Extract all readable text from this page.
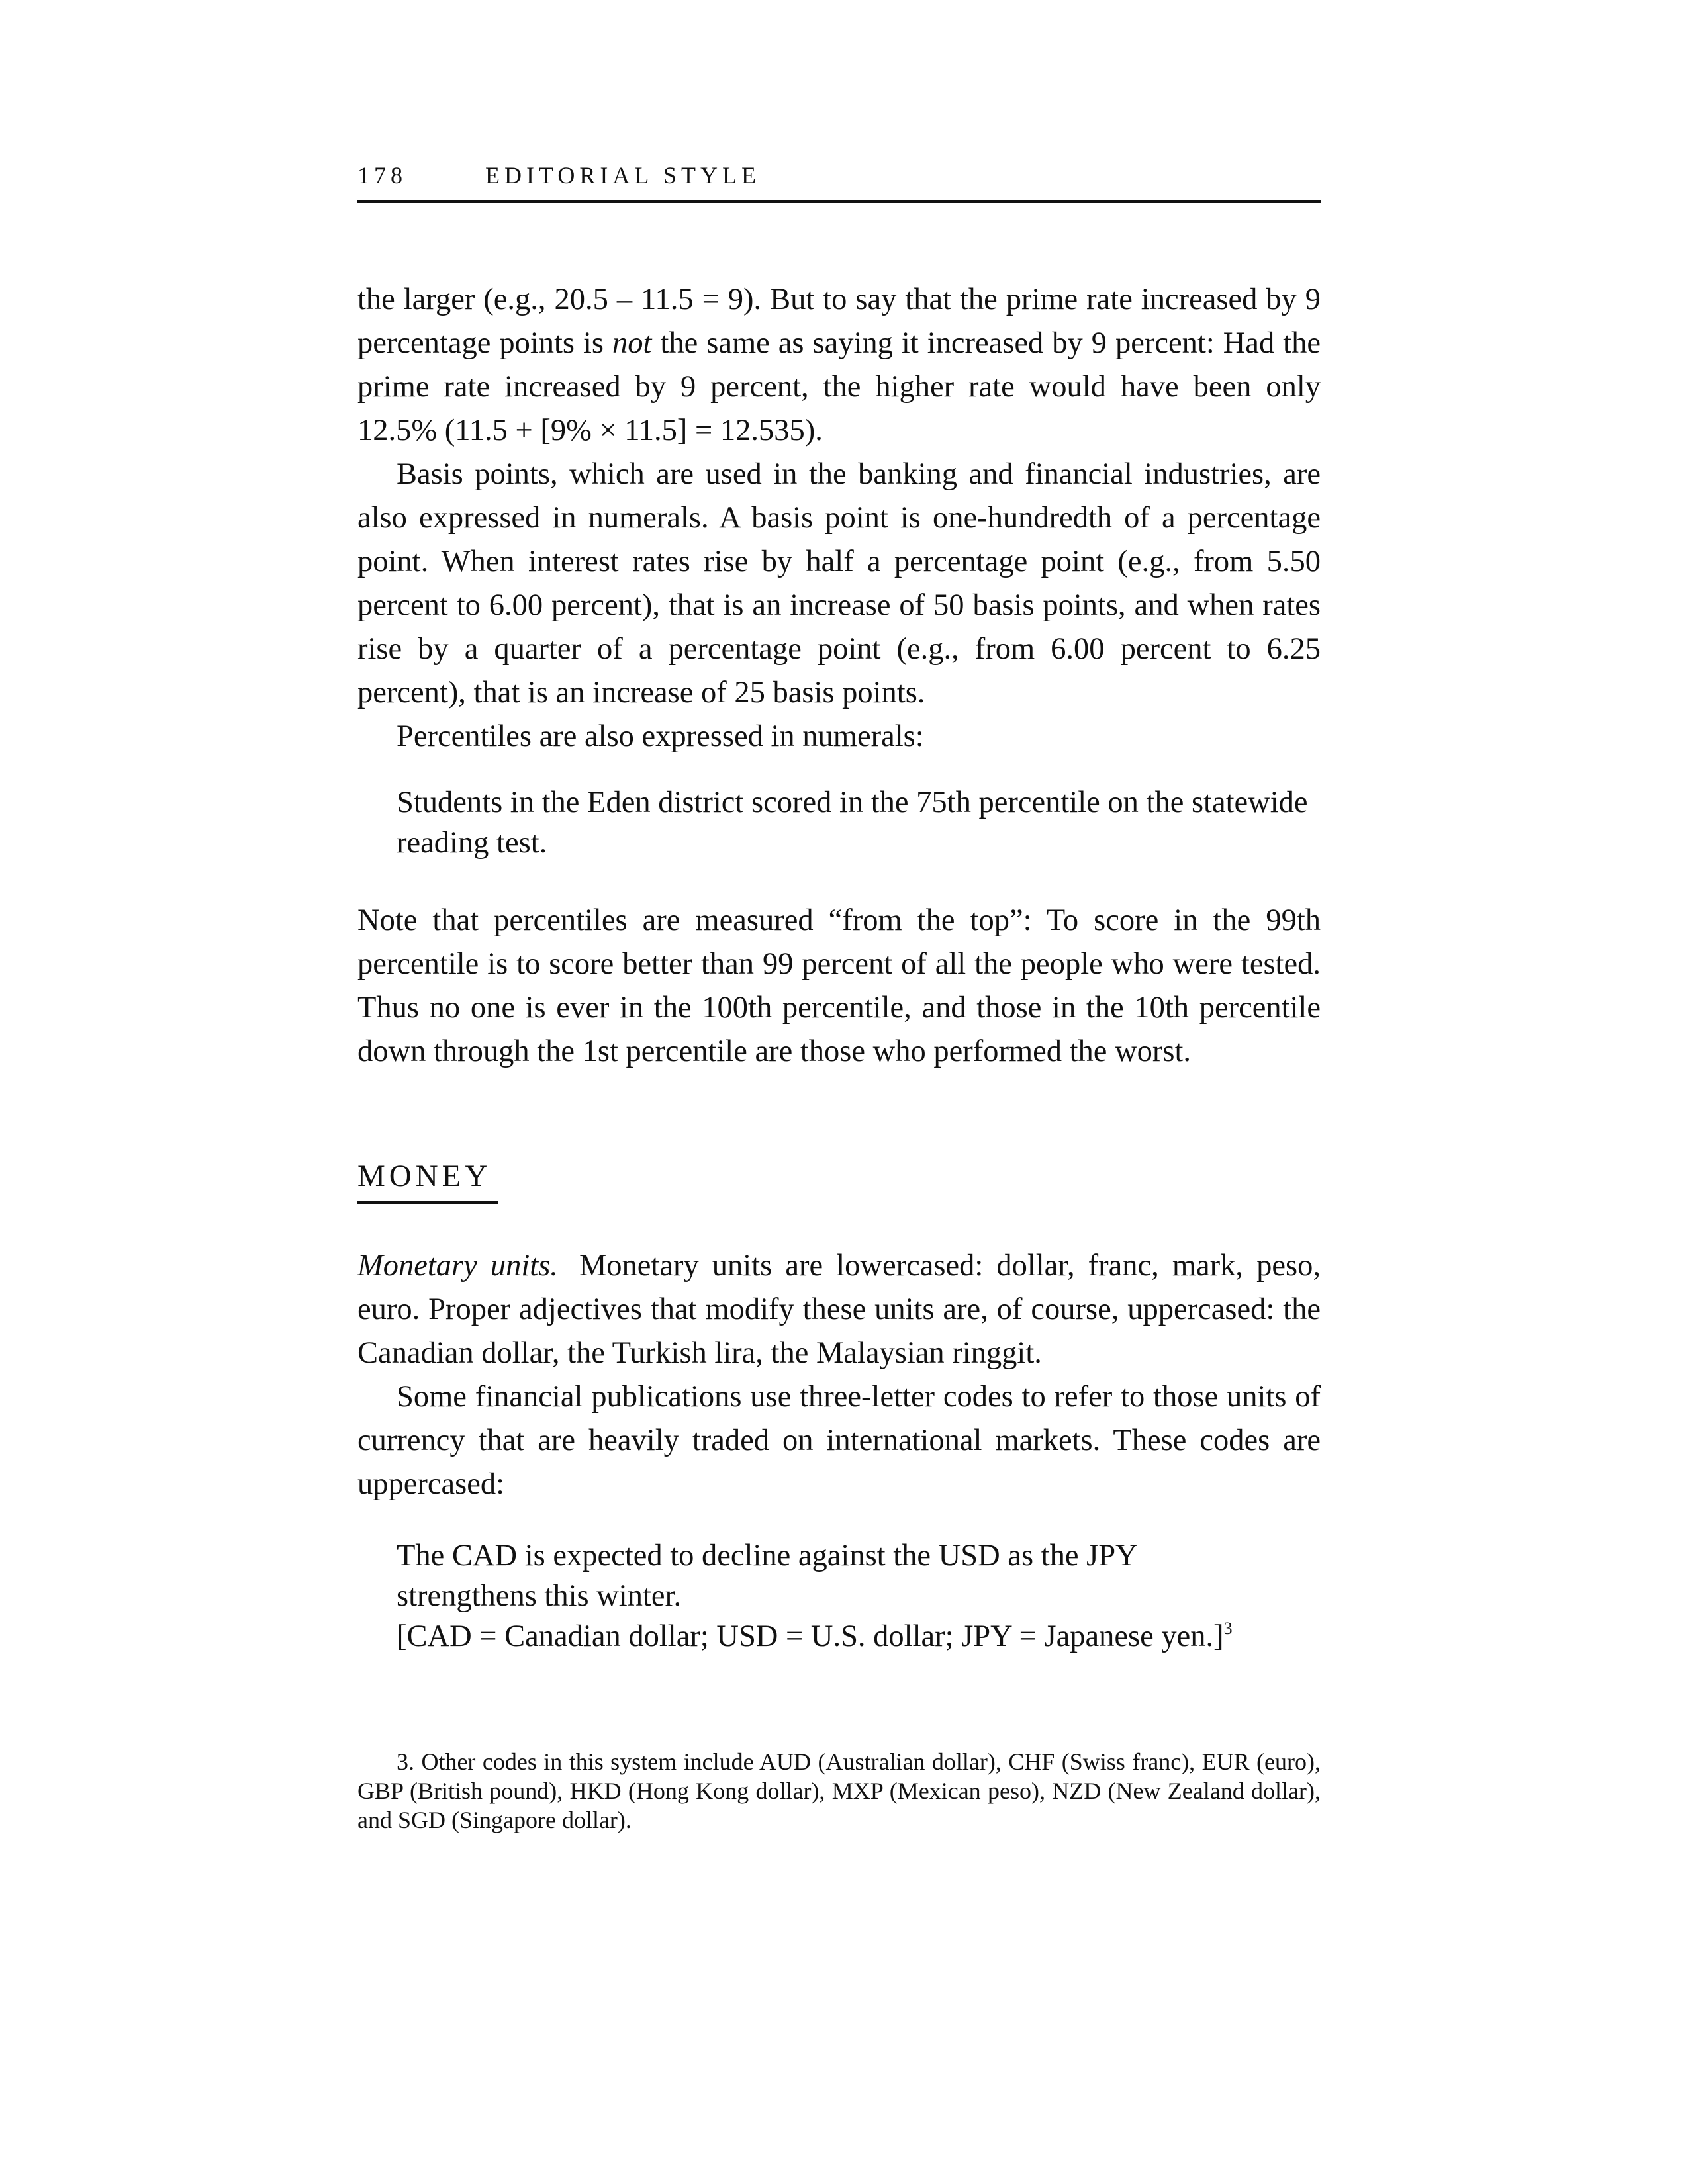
178	EDITORIAL STYLE

the larger (e.g., 20.5 – 11.5 = 9). But to say that the prime rate increased by 9 percentage points is not the same as saying it increased by 9 percent: Had the prime rate increased by 9 percent, the higher rate would have been only 12.5% (11.5 + [9% × 11.5] = 12.535).

Basis points, which are used in the banking and financial industries, are also expressed in numerals. A basis point is one-hundredth of a percentage point. When interest rates rise by half a percentage point (e.g., from 5.50 percent to 6.00 percent), that is an increase of 50 basis points, and when rates rise by a quarter of a percentage point (e.g., from 6.00 percent to 6.25 percent), that is an increase of 25 basis points.

Percentiles are also expressed in numerals:

Students in the Eden district scored in the 75th percentile on the statewide reading test.

Note that percentiles are measured “from the top”: To score in the 99th percentile is to score better than 99 percent of all the people who were tested. Thus no one is ever in the 100th percentile, and those in the 10th percentile down through the 1st percentile are those who performed the worst.

MONEY

Monetary units. Monetary units are lowercased: dollar, franc, mark, peso, euro. Proper adjectives that modify these units are, of course, uppercased: the Canadian dollar, the Turkish lira, the Malaysian ringgit.

Some financial publications use three-letter codes to refer to those units of currency that are heavily traded on international markets. These codes are uppercased:

The CAD is expected to decline against the USD as the JPY strengthens this winter.

[CAD = Canadian dollar; USD = U.S. dollar; JPY = Japanese yen.]$^3$

3. Other codes in this system include AUD (Australian dollar), CHF (Swiss franc), EUR (euro), GBP (British pound), HKD (Hong Kong dollar), MXP (Mexican peso), NZD (New Zealand dollar), and SGD (Singapore dollar).
